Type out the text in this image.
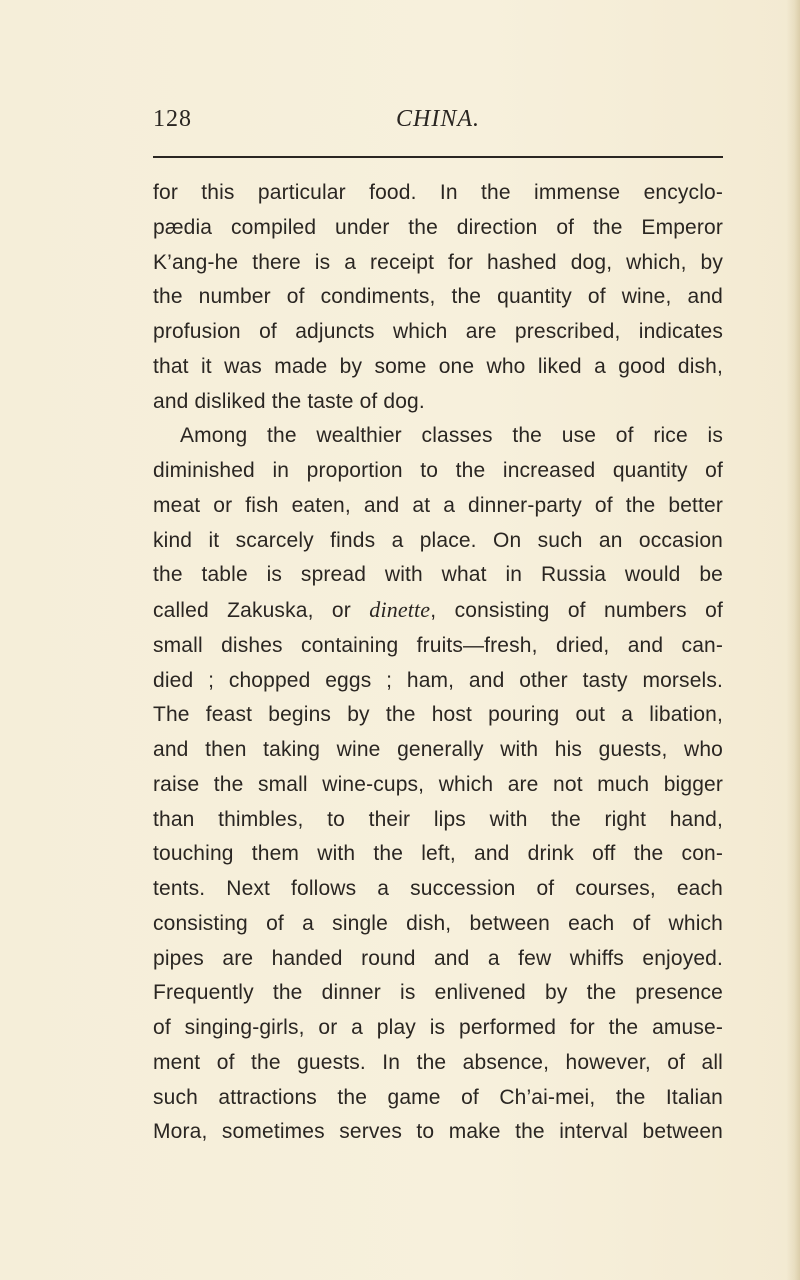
128	CHINA.
for this particular food. In the immense encyclo-
pædia compiled under the direction of the Emperor
K’ang-he there is a receipt for hashed dog, which, by
the number of condiments, the quantity of wine, and
profusion of adjuncts which are prescribed, indicates
that it was made by some one who liked a good dish,
and disliked the taste of dog.
Among the wealthier classes the use of rice is
diminished in proportion to the increased quantity of
meat or fish eaten, and at a dinner-party of the better
kind it scarcely finds a place. On such an occasion
the table is spread with what in Russia would be
called Zakuska, or dinette, consisting of numbers of
small dishes containing fruits—fresh, dried, and can-
died ; chopped eggs ; ham, and other tasty morsels.
The feast begins by the host pouring out a libation,
and then taking wine generally with his guests, who
raise the small wine-cups, which are not much bigger
than thimbles, to their lips with the right hand,
touching them with the left, and drink off the con-
tents. Next follows a succession of courses, each
consisting of a single dish, between each of which
pipes are handed round and a few whiffs enjoyed.
Frequently the dinner is enlivened by the presence
of singing-girls, or a play is performed for the amuse-
ment of the guests. In the absence, however, of all
such attractions the game of Ch’ai-mei, the Italian
Mora, sometimes serves to make the interval between
